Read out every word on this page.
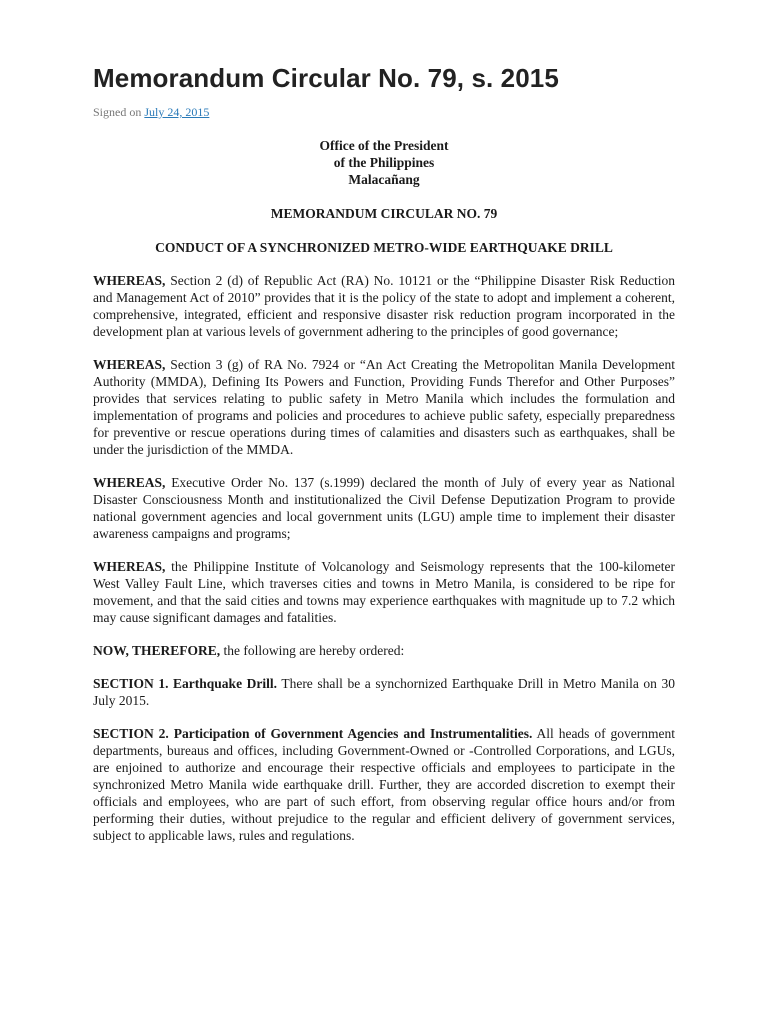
Memorandum Circular No. 79, s. 2015

Signed on July 24, 2015

Office of the President
of the Philippines
Malacañang
MEMORANDUM CIRCULAR NO. 79
CONDUCT OF A SYNCHRONIZED METRO-WIDE EARTHQUAKE DRILL

WHEREAS, Section 2 (d) of Republic Act (RA) No. 10121 or the “Philippine Disaster Risk Reduction and Management Act of 2010” provides that it is the policy of the state to adopt and implement a coherent, comprehensive, integrated, efficient and responsive disaster risk reduction program incorporated in the development plan at various levels of government adhering to the principles of good governance;

WHEREAS, Section 3 (g) of RA No. 7924 or “An Act Creating the Metropolitan Manila Development Authority (MMDA), Defining Its Powers and Function, Providing Funds Therefor and Other Purposes” provides that services relating to public safety in Metro Manila which includes the formulation and implementation of programs and policies and procedures to achieve public safety, especially preparedness for preventive or rescue operations during times of calamities and disasters such as earthquakes, shall be under the jurisdiction of the MMDA.

WHEREAS, Executive Order No. 137 (s.1999) declared the month of July of every year as National Disaster Consciousness Month and institutionalized the Civil Defense Deputization Program to provide national government agencies and local government units (LGU) ample time to implement their disaster awareness campaigns and programs;

WHEREAS, the Philippine Institute of Volcanology and Seismology represents that the 100-kilometer West Valley Fault Line, which traverses cities and towns in Metro Manila, is considered to be ripe for movement, and that the said cities and towns may experience earthquakes with magnitude up to 7.2 which may cause significant damages and fatalities.

NOW, THEREFORE, the following are hereby ordered:

SECTION 1. Earthquake Drill. There shall be a synchornized Earthquake Drill in Metro Manila on 30 July 2015.

SECTION 2. Participation of Government Agencies and Instrumentalities. All heads of government departments, bureaus and offices, including Government-Owned or -Controlled Corporations, and LGUs, are enjoined to authorize and encourage their respective officials and employees to participate in the synchronized Metro Manila wide earthquake drill. Further, they are accorded discretion to exempt their officials and employees, who are part of such effort, from observing regular office hours and/or from performing their duties, without prejudice to the regular and efficient delivery of government services, subject to applicable laws, rules and regulations.
